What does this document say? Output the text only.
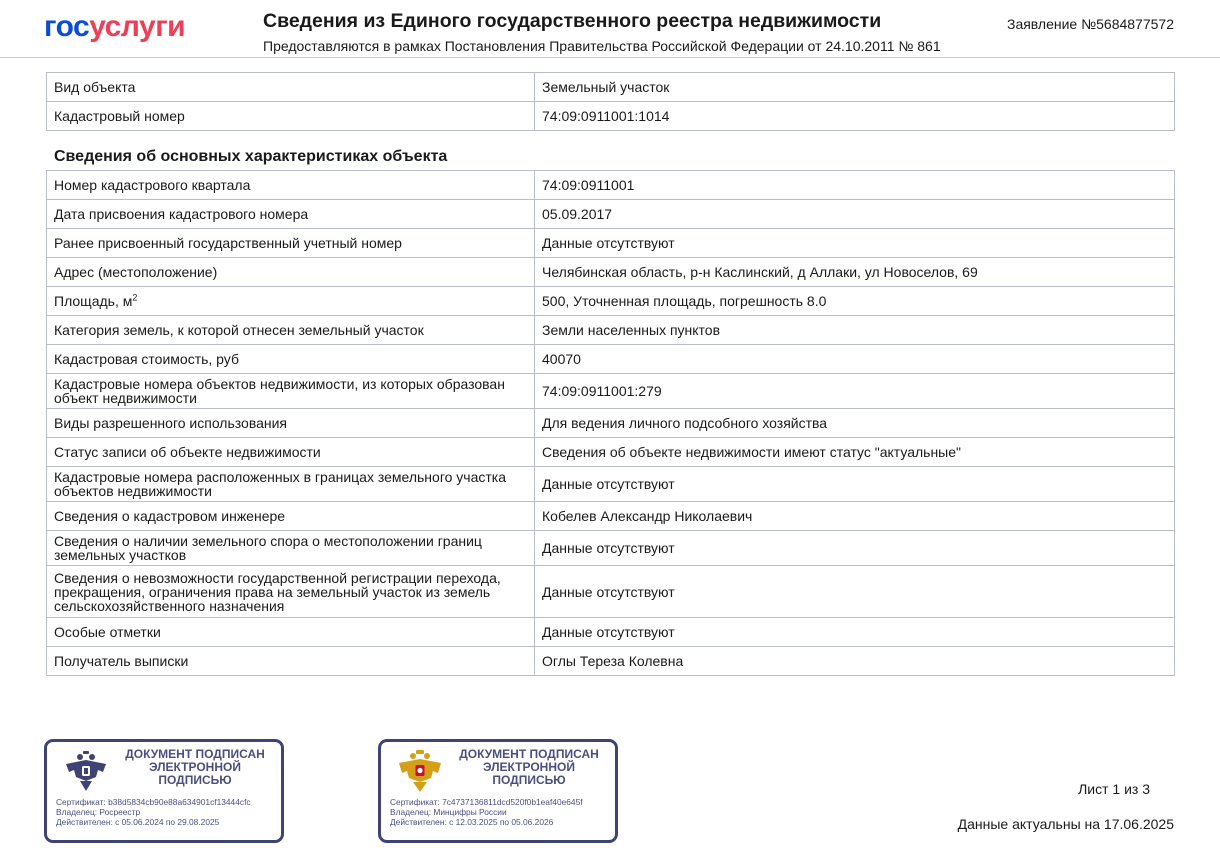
госуслуги	Сведения из Единого государственного реестра недвижимости
Предоставляются в рамках Постановления Правительства Российской Федерации от 24.10.2011 № 861
Заявление №5684877572
Вид объекта	Земельный участок
Кадастровый номер	74:09:0911001:1014
Сведения об основных характеристиках объекта
Номер кадастрового квартала	74:09:0911001
Дата присвоения кадастрового номера	05.09.2017
Ранее присвоенный государственный учетный номер	Данные отсутствуют
Адрес (местоположение)	Челябинская область, р-н Каслинский, д Аллаки, ул Новоселов, 69
Площадь, $м^2$	500, Уточненная площадь, погрешность 8.0
Категория земель, к которой отнесен земельный участок	Земли населенных пунктов
Кадастровая стоимость, руб	40070
Кадастровые номера объектов недвижимости, из которых образован объект недвижимости	74:09:0911001:279
Виды разрешенного использования	Для ведения личного подсобного хозяйства
Статус записи об объекте недвижимости	Сведения об объекте недвижимости имеют статус "актуальные"
Кадастровые номера расположенных в границах земельного участка объектов недвижимости	Данные отсутствуют
Сведения о кадастровом инженере	Кобелев Александр Николаевич
Сведения о наличии земельного спора о местоположении границ земельных участков	Данные отсутствуют
Сведения о невозможности государственной регистрации перехода, прекращения, ограничения права на земельный участок из земель сельскохозяйственного назначения	Данные отсутствуют
Особые отметки	Данные отсутствуют
Получатель выписки	Оглы Тереза Колевна
ДОКУМЕНТ ПОДПИСАН ЭЛЕКТРОННОЙ ПОДПИСЬЮ
Сертификат: b38d5834cb90e88a634901cf13444cfc
Владелец: Росреестр
Действителен: с 05.06.2024 по 29.08.2025
ДОКУМЕНТ ПОДПИСАН ЭЛЕКТРОННОЙ ПОДПИСЬЮ
Сертификат: 7c4737136811dcd520f0b1eaf40e645f
Владелец: Минцифры России
Действителен: с 12.03.2025 по 05.06.2026
Лист 1 из 3
Данные актуальны на 17.06.2025
